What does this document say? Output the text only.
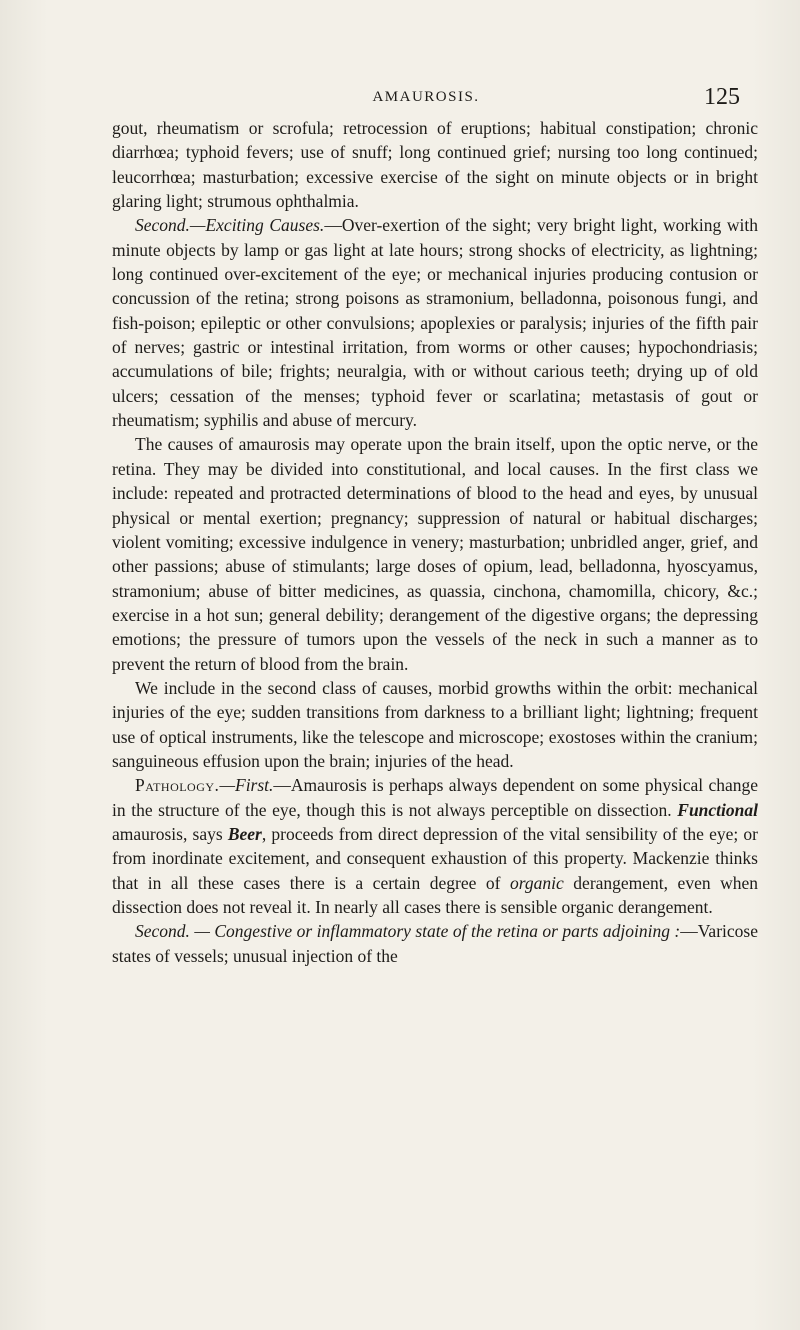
AMAUROSIS.	125

gout, rheumatism or scrofula; retrocession of eruptions; habitual constipation; chronic diarrhœa; typhoid fevers; use of snuff; long continued grief; nursing too long continued; leucorrhœa; masturbation; excessive exercise of the sight on minute objects or in bright glaring light; strumous ophthalmia.

Second.—Exciting Causes.—Over-exertion of the sight; very bright light, working with minute objects by lamp or gas light at late hours; strong shocks of electricity, as lightning; long continued over-excitement of the eye; or mechanical injuries producing contusion or concussion of the retina; strong poisons as stramonium, belladonna, poisonous fungi, and fish-poison; epileptic or other convulsions; apoplexies or paralysis; injuries of the fifth pair of nerves; gastric or intestinal irritation, from worms or other causes; hypochondriasis; accumulations of bile; frights; neuralgia, with or without carious teeth; drying up of old ulcers; cessation of the menses; typhoid fever or scarlatina; metastasis of gout or rheumatism; syphilis and abuse of mercury.

The causes of amaurosis may operate upon the brain itself, upon the optic nerve, or the retina. They may be divided into constitutional, and local causes. In the first class we include: repeated and protracted determinations of blood to the head and eyes, by unusual physical or mental exertion; pregnancy; suppression of natural or habitual discharges; violent vomiting; excessive indulgence in venery; masturbation; unbridled anger, grief, and other passions; abuse of stimulants; large doses of opium, lead, belladonna, hyoscyamus, stramonium; abuse of bitter medicines, as quassia, cinchona, chamomilla, chicory, &c.; exercise in a hot sun; general debility; derangement of the digestive organs; the depressing emotions; the pressure of tumors upon the vessels of the neck in such a manner as to prevent the return of blood from the brain.

We include in the second class of causes, morbid growths within the orbit: mechanical injuries of the eye; sudden transitions from darkness to a brilliant light; lightning; frequent use of optical instruments, like the telescope and microscope; exostoses within the cranium; sanguineous effusion upon the brain; injuries of the head.

Pathology.—First.—Amaurosis is perhaps always dependent on some physical change in the structure of the eye, though this is not always perceptible on dissection. Functional amaurosis, says Beer, proceeds from direct depression of the vital sensibility of the eye; or from inordinate excitement, and consequent exhaustion of this property. Mackenzie thinks that in all these cases there is a certain degree of organic derangement, even when dissection does not reveal it. In nearly all cases there is sensible organic derangement.

Second. — Congestive or inflammatory state of the retina or parts adjoining :—Varicose states of vessels; unusual injection of the
